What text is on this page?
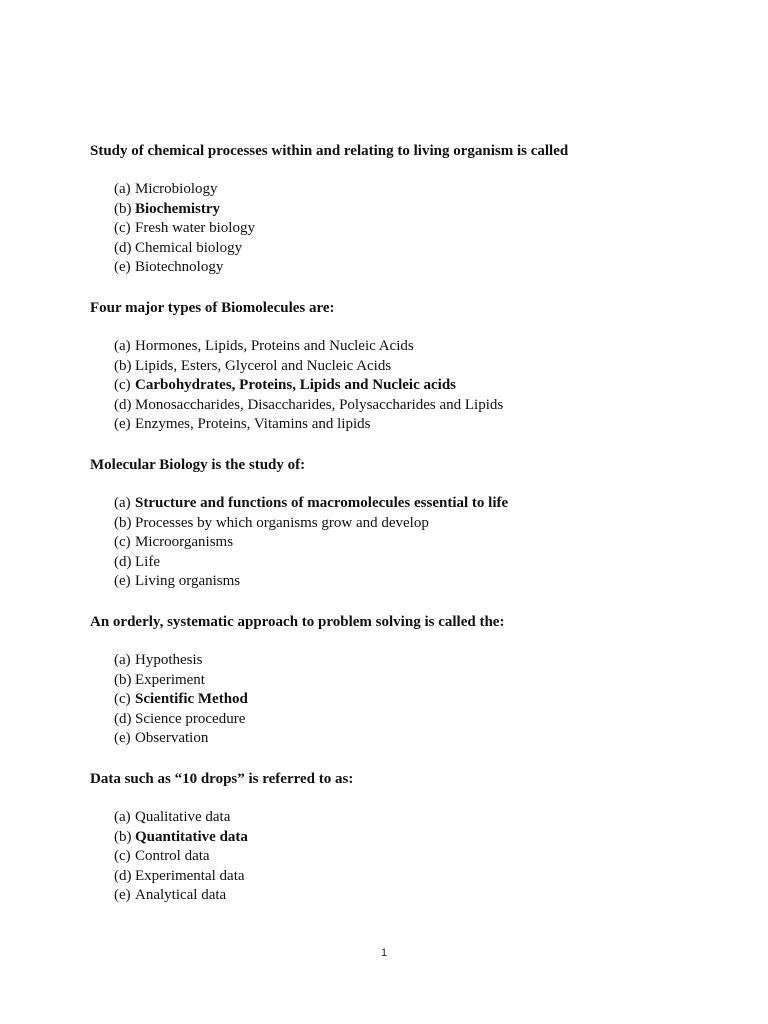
Study of chemical processes within and relating to living organism is called

(a) Microbiology
(b) Biochemistry
(c) Fresh water biology
(d) Chemical biology
(e) Biotechnology

Four major types of Biomolecules are:

(a) Hormones, Lipids, Proteins and Nucleic Acids
(b) Lipids, Esters, Glycerol and Nucleic Acids
(c) Carbohydrates, Proteins, Lipids and Nucleic acids
(d) Monosaccharides, Disaccharides, Polysaccharides and Lipids
(e) Enzymes, Proteins, Vitamins and lipids

Molecular Biology is the study of:

(a) Structure and functions of macromolecules essential to life
(b) Processes by which organisms grow and develop
(c) Microorganisms
(d) Life
(e) Living organisms

An orderly, systematic approach to problem solving is called the:

(a) Hypothesis
(b) Experiment
(c) Scientific Method
(d) Science procedure
(e) Observation

Data such as “10 drops” is referred to as:

(a) Qualitative data
(b) Quantitative data
(c) Control data
(d) Experimental data
(e) Analytical data
1
